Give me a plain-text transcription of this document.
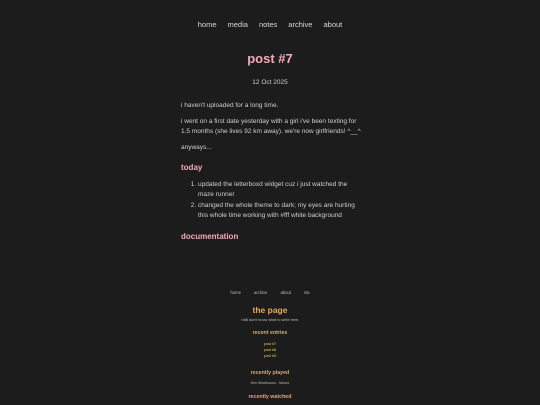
home media notes archive about
post #7
12 Oct 2025

i haven't uploaded for a long time.

i went on a first date yesterday with a girl i've been texting for 1.5 months (she lives 92 km away). we're now girlfriends! ^__^

anyways...

today
1. updated the letterboxd widget cuz i just watched the maze runner
2. changed the whole theme to dark; my eyes are hurting this whole time working with #fff white background
documentation
home	archive	about	rss
the page
i still don't know what to write here.
recent entries
post #7
post #6
post #5
recently played
Ken Woolhouse - Moore
recently watched
